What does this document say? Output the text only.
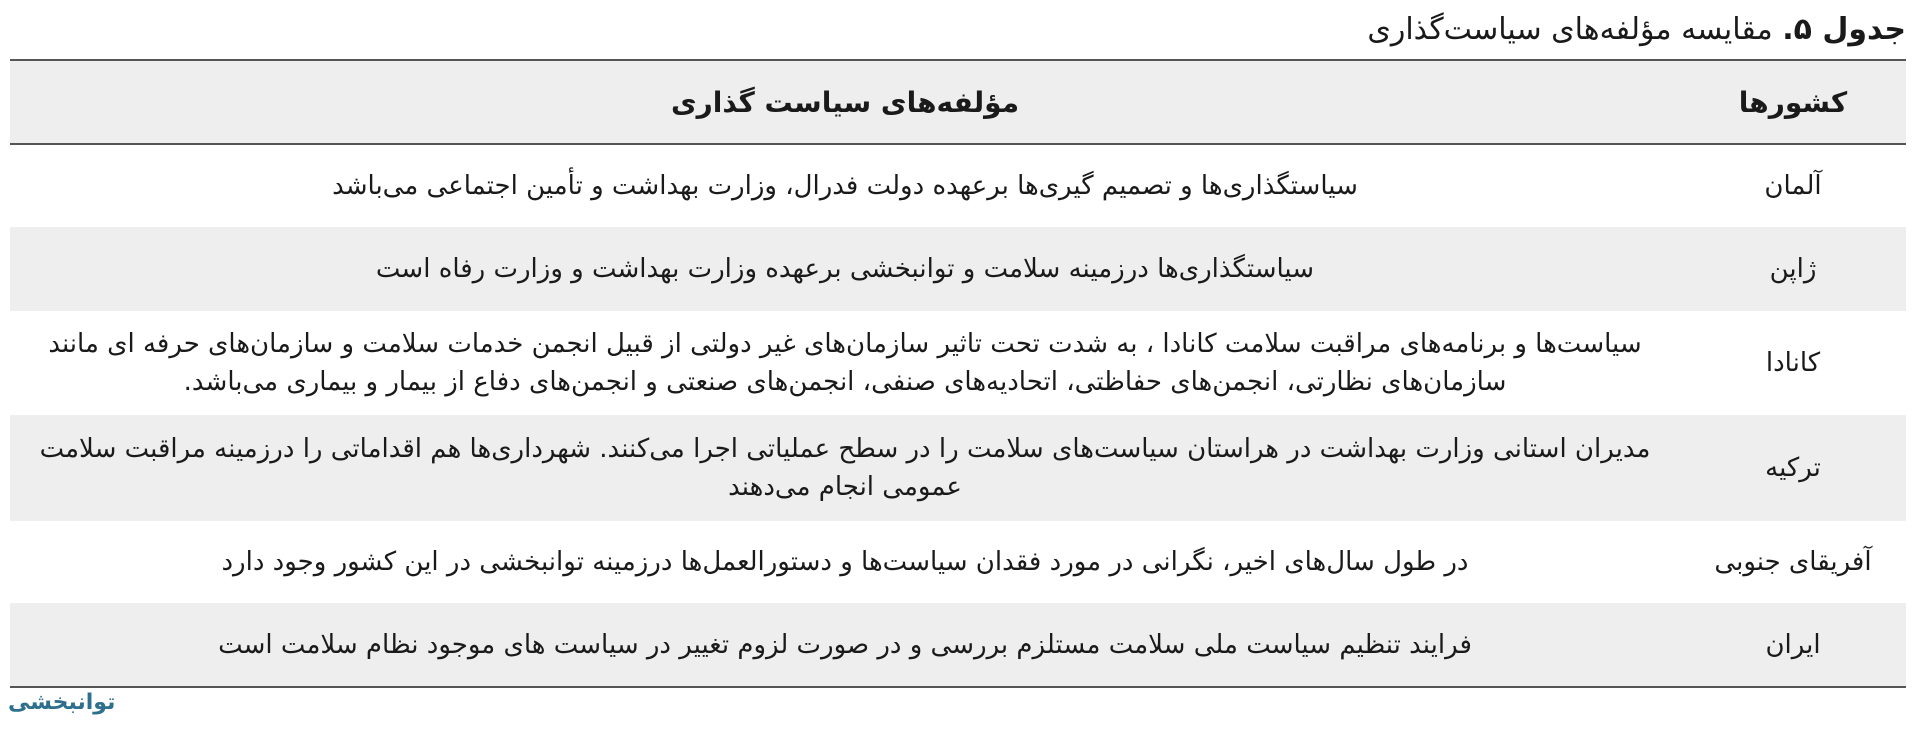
جدول ۵. مقایسه مؤلفه‌های سیاست‌گذاری
کشورها	مؤلفه‌های سیاست گذاری
آلمان	سیاستگذاری‌ها و تصمیم گیری‌ها برعهده دولت فدرال، وزارت بهداشت و تأمین اجتماعی می‌باشد
ژاپن	سیاستگذاری‌ها درزمینه سلامت و توانبخشی برعهده وزارت بهداشت و وزارت رفاه است
کانادا	سیاست‌ها و برنامه‌های مراقبت سلامت کانادا ، به شدت تحت تاثیر سازمان‌های غیر دولتی از قبیل انجمن خدمات سلامت و سازمان‌های حرفه ای مانند سازمان‌های نظارتی، انجمن‌های حفاظتی، اتحادیه‌های صنفی، انجمن‌های صنعتی و انجمن‌های دفاع از بیمار و بیماری می‌باشد.
ترکیه	مدیران استانی وزارت بهداشت در هراستان سیاست‌های سلامت را در سطح عملیاتی اجرا می‌کنند. شهرداری‌ها هم اقداماتی را درزمینه مراقبت سلامت عمومی انجام می‌دهند
آفریقای جنوبی	در طول سال‌های اخیر، نگرانی در مورد فقدان سیاست‌ها و دستورالعمل‌ها درزمینه توانبخشی در این کشور وجود دارد
ایران	فرایند تنظیم سیاست ملی سلامت مستلزم بررسی و در صورت لزوم تغییر در سیاست های موجود نظام سلامت است
توانبخشی
